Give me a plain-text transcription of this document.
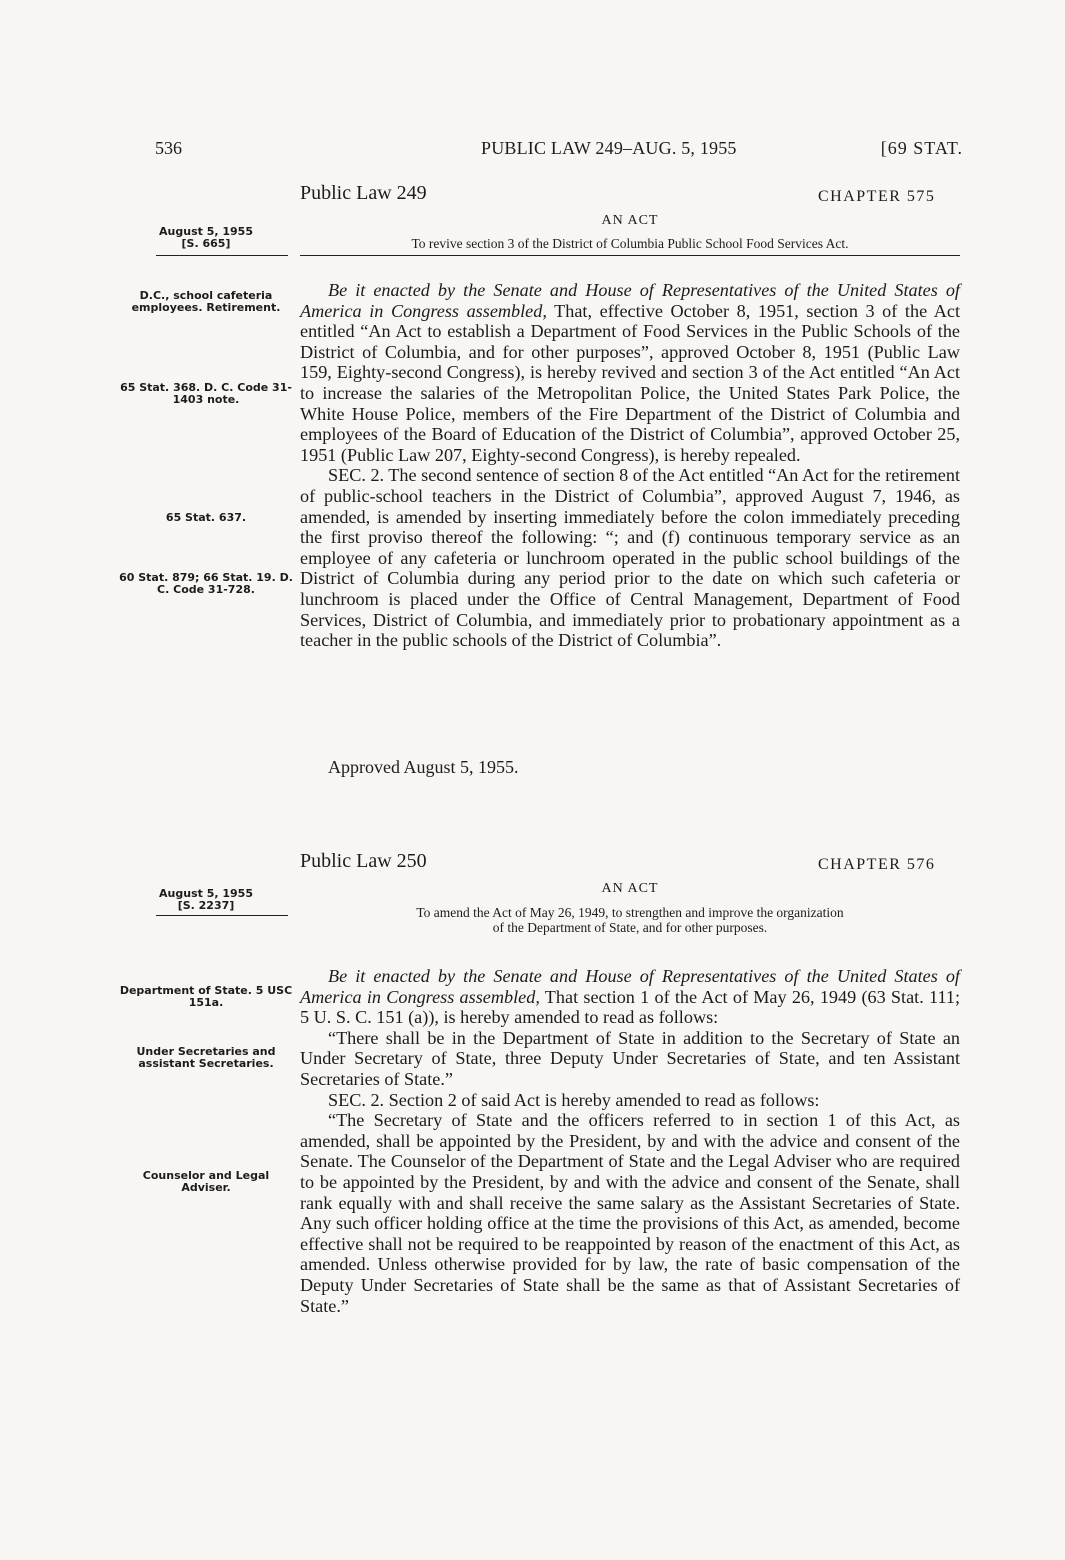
536	PUBLIC LAW 249–AUG. 5, 1955	[69 STAT.
Public Law 249	CHAPTER 575
AN ACT
To revive section 3 of the District of Columbia Public School Food Services Act.
August 5, 1955
[S. 665]
D.C., school cafeteria employees. Retirement.
65 Stat. 368. D. C. Code 31-1403 note.
65 Stat. 637.
60 Stat. 879; 66 Stat. 19. D. C. Code 31-728.

Be it enacted by the Senate and House of Representatives of the United States of America in Congress assembled, That, effective October 8, 1951, section 3 of the Act entitled “An Act to establish a Department of Food Services in the Public Schools of the District of Columbia, and for other purposes”, approved October 8, 1951 (Public Law 159, Eighty-second Congress), is hereby revived and section 3 of the Act entitled “An Act to increase the salaries of the Metropolitan Police, the United States Park Police, the White House Police, members of the Fire Department of the District of Columbia and employees of the Board of Education of the District of Columbia”, approved October 25, 1951 (Public Law 207, Eighty-second Congress), is hereby repealed.

SEC. 2. The second sentence of section 8 of the Act entitled “An Act for the retirement of public-school teachers in the District of Columbia”, approved August 7, 1946, as amended, is amended by inserting immediately before the colon immediately preceding the first proviso thereof the following: “; and (f) continuous temporary service as an employee of any cafeteria or lunchroom operated in the public school buildings of the District of Columbia during any period prior to the date on which such cafeteria or lunchroom is placed under the Office of Central Management, Department of Food Services, District of Columbia, and immediately prior to probationary appointment as a teacher in the public schools of the District of Columbia”.

Approved August 5, 1955.
Public Law 250	CHAPTER 576
AN ACT
To amend the Act of May 26, 1949, to strengthen and improve the organization
of the Department of State, and for other purposes.
August 5, 1955
[S. 2237]
Department of State. 5 USC 151a.
Under Secretaries and assistant Secretaries.
Counselor and Legal Adviser.

Be it enacted by the Senate and House of Representatives of the United States of America in Congress assembled, That section 1 of the Act of May 26, 1949 (63 Stat. 111; 5 U. S. C. 151 (a)), is hereby amended to read as follows:

“There shall be in the Department of State in addition to the Secretary of State an Under Secretary of State, three Deputy Under Secretaries of State, and ten Assistant Secretaries of State.”

SEC. 2. Section 2 of said Act is hereby amended to read as follows:

“The Secretary of State and the officers referred to in section 1 of this Act, as amended, shall be appointed by the President, by and with the advice and consent of the Senate. The Counselor of the Department of State and the Legal Adviser who are required to be appointed by the President, by and with the advice and consent of the Senate, shall rank equally with and shall receive the same salary as the Assistant Secretaries of State. Any such officer holding office at the time the provisions of this Act, as amended, become effective shall not be required to be reappointed by reason of the enactment of this Act, as amended. Unless otherwise provided for by law, the rate of basic compensation of the Deputy Under Secretaries of State shall be the same as that of Assistant Secretaries of State.”
